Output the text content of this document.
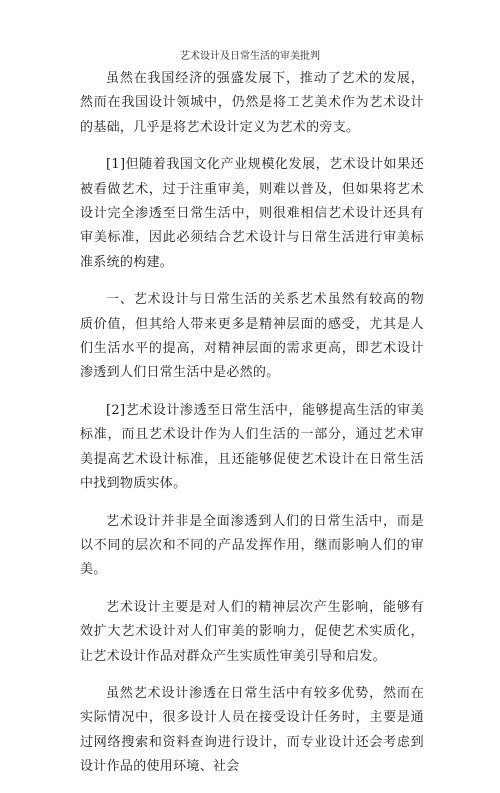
艺术设计及日常生活的审美批判

虽然在我国经济的强盛发展下，推动了艺术的发展，然而在我国设计领城中，仍然是将工艺美术作为艺术设计的基础，几乎是将艺术设计定义为艺术的旁支。

[1]但随着我国文化产业规模化发展，艺术设计如果还被看做艺术，过于注重审美，则难以普及，但如果将艺术设计完全渗透至日常生活中，则很难相信艺术设计还具有审美标准，因此必须结合艺术设计与日常生活进行审美标准系统的构建。

一、艺术设计与日常生活的关系艺术虽然有较高的物质价值，但其给人带来更多是精神层面的感受，尤其是人们生活水平的提高，对精神层面的需求更高，即艺术设计渗透到人们日常生活中是必然的。

[2]艺术设计渗透至日常生活中，能够提高生活的审美标准，而且艺术设计作为人们生活的一部分，通过艺术审美提高艺术设计标准，且还能够促使艺术设计在日常生活中找到物质实体。

艺术设计并非是全面渗透到人们的日常生活中，而是以不同的层次和不同的产品发挥作用，继而影响人们的审美。

艺术设计主要是对人们的精神层次产生影响，能够有效扩大艺术设计对人们审美的影响力，促使艺术实质化，让艺术设计作品对群众产生实质性审美引导和启发。

虽然艺术设计渗透在日常生活中有较多优势，然而在实际情况中，很多设计人员在接受设计任务时，主要是通过网络搜索和资料查询进行设计，而专业设计还会考虑到设计作品的使用环境、社会
